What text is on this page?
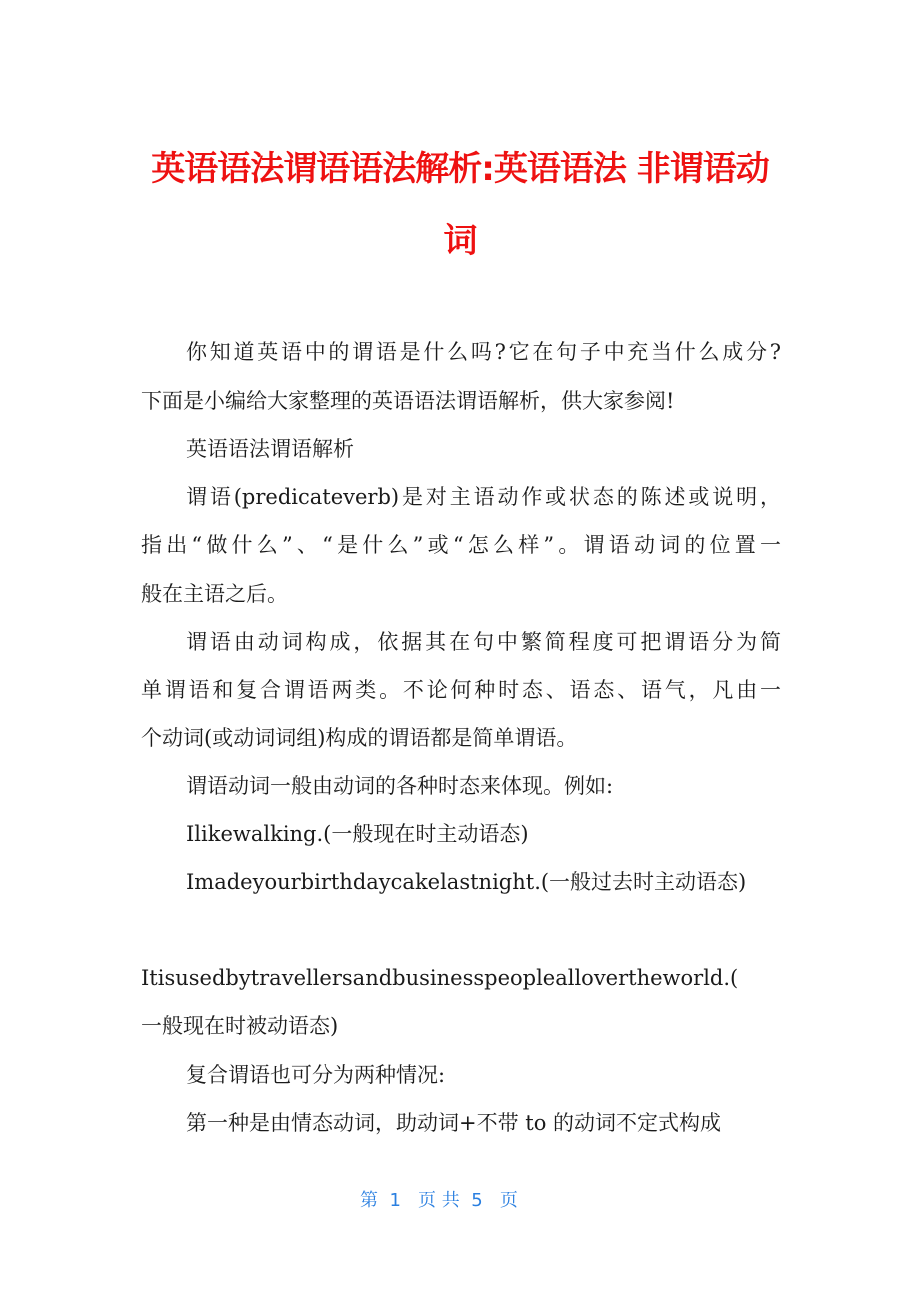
英语语法谓语语法解析:英语语法 非谓语动
词
你知道英语中的谓语是什么吗?它在句子中充当什么成分?
下面是小编给大家整理的英语语法谓语解析，供大家参阅!
英语语法谓语解析
谓语(predicateverb)是对主语动作或状态的陈述或说明，
指出“做什么”、“是什么”或“怎么样”。谓语动词的位置一
般在主语之后。
谓语由动词构成，依据其在句中繁简程度可把谓语分为简
单谓语和复合谓语两类。不论何种时态、语态、语气，凡由一
个动词(或动词词组)构成的谓语都是简单谓语。
谓语动词一般由动词的各种时态来体现。例如:
Ilikewalking.(一般现在时主动语态)
Imadeyourbirthdaycakelastnight.(一般过去时主动语态)
Itisusedbytravellersandbusinesspeopleallovertheworld.(
一般现在时被动语态)
复合谓语也可分为两种情况:
第一种是由情态动词，助动词+不带 to 的动词不定式构成
第  1   页 共  5   页
